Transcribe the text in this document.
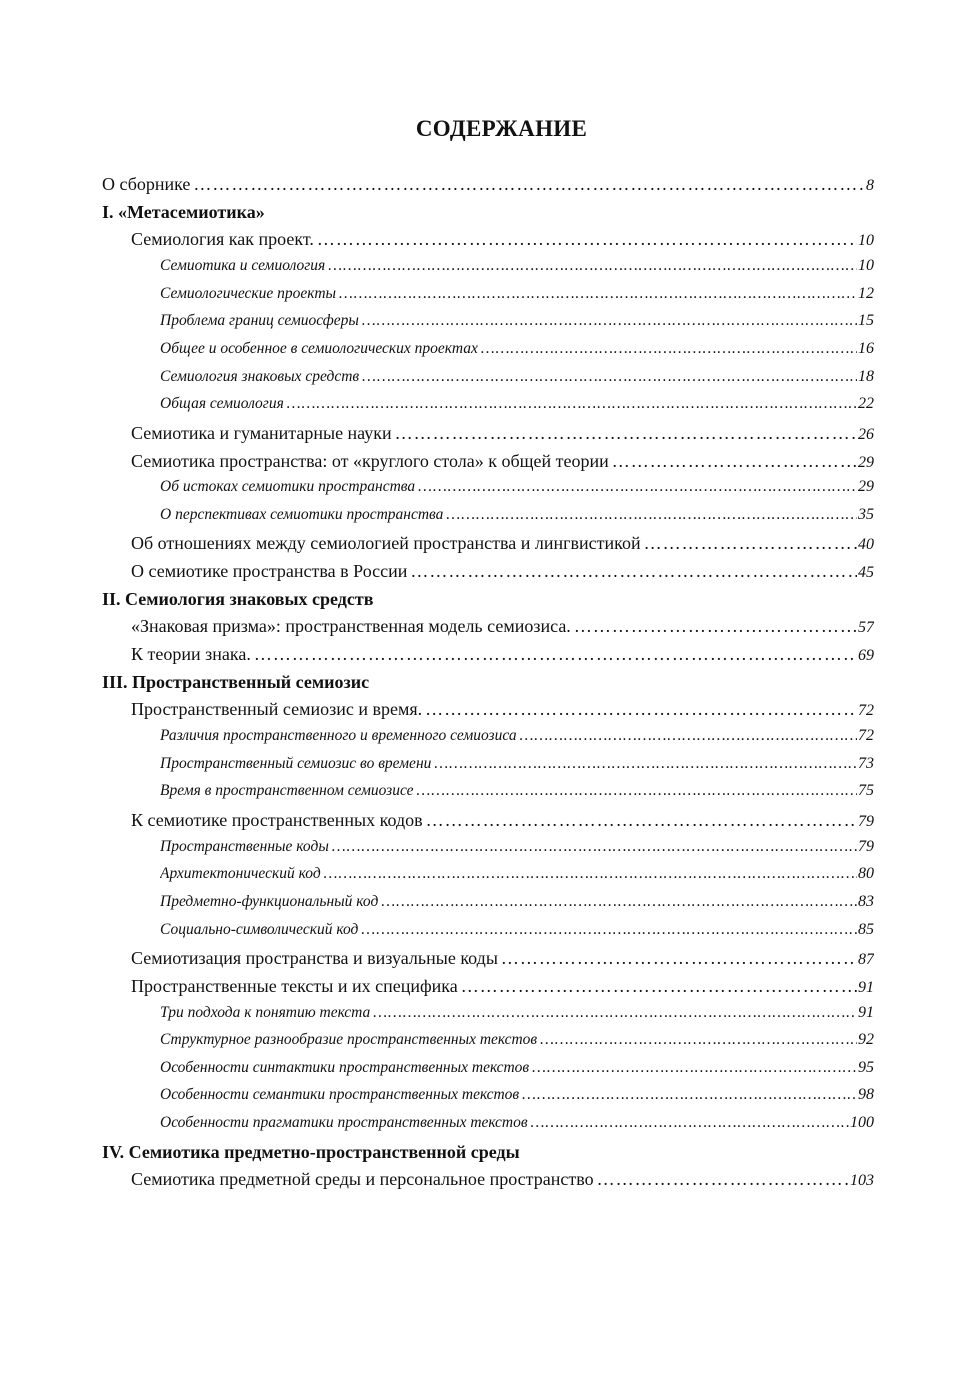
СОДЕРЖАНИЕ
О сборнике ……………………………………………………………………………………………………………………………………………………………………………………	8
I. «Метасемиотика»
Семиология как проект. ……………………………………………………………………………………………………………………………………………………………………………………	10
Семиотика и семиология ……………………………………………………………………………………………………………………………………………………………………………………	10
Семиологические проекты ……………………………………………………………………………………………………………………………………………………………………………………	12
Проблема границ семиосферы ……………………………………………………………………………………………………………………………………………………………………………………	15
Общее и особенное в семиологических проектах ……………………………………………………………………………………………………………………………………………………………………………………	16
Семиология знаковых средств ……………………………………………………………………………………………………………………………………………………………………………………	18
Общая семиология ……………………………………………………………………………………………………………………………………………………………………………………	22
Семиотика и гуманитарные науки ……………………………………………………………………………………………………………………………………………………………………………………	26
Семиотика пространства: от «круглого стола» к общей теории ……………………………………………………………………………………………………………………………………………………………………………………	29
Об истоках семиотики пространства ……………………………………………………………………………………………………………………………………………………………………………………	29
О перспективах семиотики пространства ……………………………………………………………………………………………………………………………………………………………………………………	35
Об отношениях между семиологией пространства и лингвистикой ……………………………………………………………………………………………………………………………………………………………………………………	40
О семиотике пространства в России ……………………………………………………………………………………………………………………………………………………………………………………	45
II. Семиология знаковых средств
«Знаковая призма»: пространственная модель семиозиса. ……………………………………………………………………………………………………………………………………………………………………………………	57
К теории знака. ……………………………………………………………………………………………………………………………………………………………………………………	69
III. Пространственный семиозис
Пространственный семиозис и время. ……………………………………………………………………………………………………………………………………………………………………………………	72
Различия пространственного и временного семиозиса ……………………………………………………………………………………………………………………………………………………………………………………	72
Пространственный семиозис во времени ……………………………………………………………………………………………………………………………………………………………………………………	73
Время в пространственном семиозисе ……………………………………………………………………………………………………………………………………………………………………………………	75
К семиотике пространственных кодов ……………………………………………………………………………………………………………………………………………………………………………………	79
Пространственные коды ……………………………………………………………………………………………………………………………………………………………………………………	79
Архитектонический код ……………………………………………………………………………………………………………………………………………………………………………………	80
Предметно-функциональный код ……………………………………………………………………………………………………………………………………………………………………………………	83
Социально-символический код ……………………………………………………………………………………………………………………………………………………………………………………	85
Семиотизация пространства и визуальные коды ……………………………………………………………………………………………………………………………………………………………………………………	87
Пространственные тексты и их специфика ……………………………………………………………………………………………………………………………………………………………………………………	91
Три подхода к понятию текста ……………………………………………………………………………………………………………………………………………………………………………………	91
Структурное разнообразие пространственных текстов ……………………………………………………………………………………………………………………………………………………………………………………	92
Особенности синтактики пространственных текстов ……………………………………………………………………………………………………………………………………………………………………………………	95
Особенности семантики пространственных текстов ……………………………………………………………………………………………………………………………………………………………………………………	98
Особенности прагматики пространственных текстов ……………………………………………………………………………………………………………………………………………………………………………………	100
IV. Семиотика предметно-пространственной среды
Семиотика предметной среды и персональное пространство ……………………………………………………………………………………………………………………………………………………………………………………	103
